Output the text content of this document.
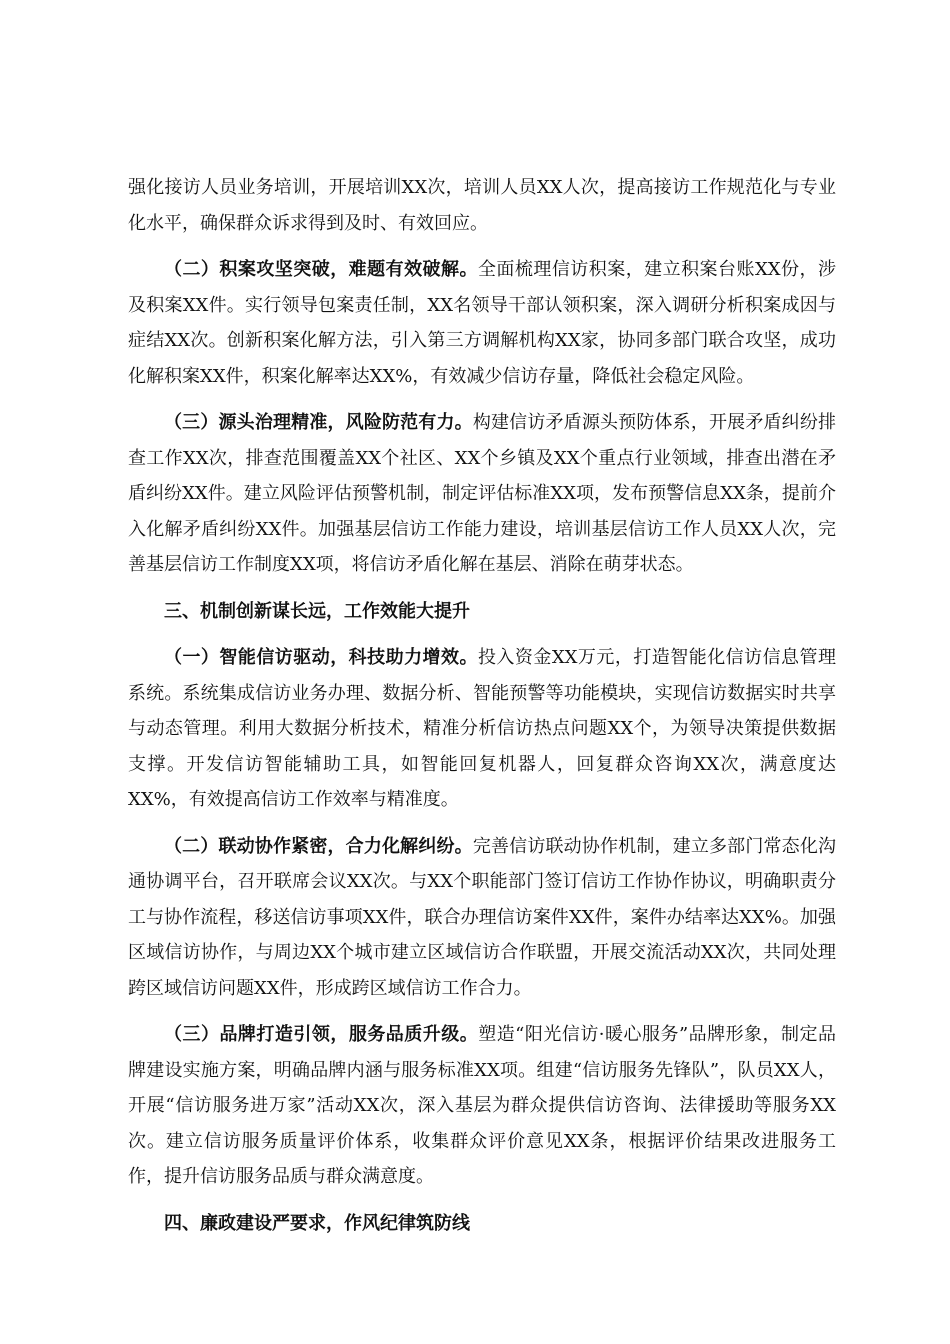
强化接访人员业务培训，开展培训XX次，培训人员XX人次，提高接访工作规范化与专业化水平，确保群众诉求得到及时、有效回应。

（二）积案攻坚突破，难题有效破解。全面梳理信访积案，建立积案台账XX份，涉及积案XX件。实行领导包案责任制，XX名领导干部认领积案，深入调研分析积案成因与症结XX次。创新积案化解方法，引入第三方调解机构XX家，协同多部门联合攻坚，成功化解积案XX件，积案化解率达XX%，有效减少信访存量，降低社会稳定风险。

（三）源头治理精准，风险防范有力。构建信访矛盾源头预防体系，开展矛盾纠纷排查工作XX次，排查范围覆盖XX个社区、XX个乡镇及XX个重点行业领域，排查出潜在矛盾纠纷XX件。建立风险评估预警机制，制定评估标准XX项，发布预警信息XX条，提前介入化解矛盾纠纷XX件。加强基层信访工作能力建设，培训基层信访工作人员XX人次，完善基层信访工作制度XX项，将信访矛盾化解在基层、消除在萌芽状态。

三、机制创新谋长远，工作效能大提升

（一）智能信访驱动，科技助力增效。投入资金XX万元，打造智能化信访信息管理系统。系统集成信访业务办理、数据分析、智能预警等功能模块，实现信访数据实时共享与动态管理。利用大数据分析技术，精准分析信访热点问题XX个，为领导决策提供数据支撑。开发信访智能辅助工具，如智能回复机器人，回复群众咨询XX次，满意度达XX%，有效提高信访工作效率与精准度。

（二）联动协作紧密，合力化解纠纷。完善信访联动协作机制，建立多部门常态化沟通协调平台，召开联席会议XX次。与XX个职能部门签订信访工作协作协议，明确职责分工与协作流程，移送信访事项XX件，联合办理信访案件XX件，案件办结率达XX%。加强区域信访协作，与周边XX个城市建立区域信访合作联盟，开展交流活动XX次，共同处理跨区域信访问题XX件，形成跨区域信访工作合力。

（三）品牌打造引领，服务品质升级。塑造“阳光信访·暖心服务”品牌形象，制定品牌建设实施方案，明确品牌内涵与服务标准XX项。组建“信访服务先锋队”，队员XX人，开展“信访服务进万家”活动XX次，深入基层为群众提供信访咨询、法律援助等服务XX次。建立信访服务质量评价体系，收集群众评价意见XX条，根据评价结果改进服务工作，提升信访服务品质与群众满意度。

四、廉政建设严要求，作风纪律筑防线
